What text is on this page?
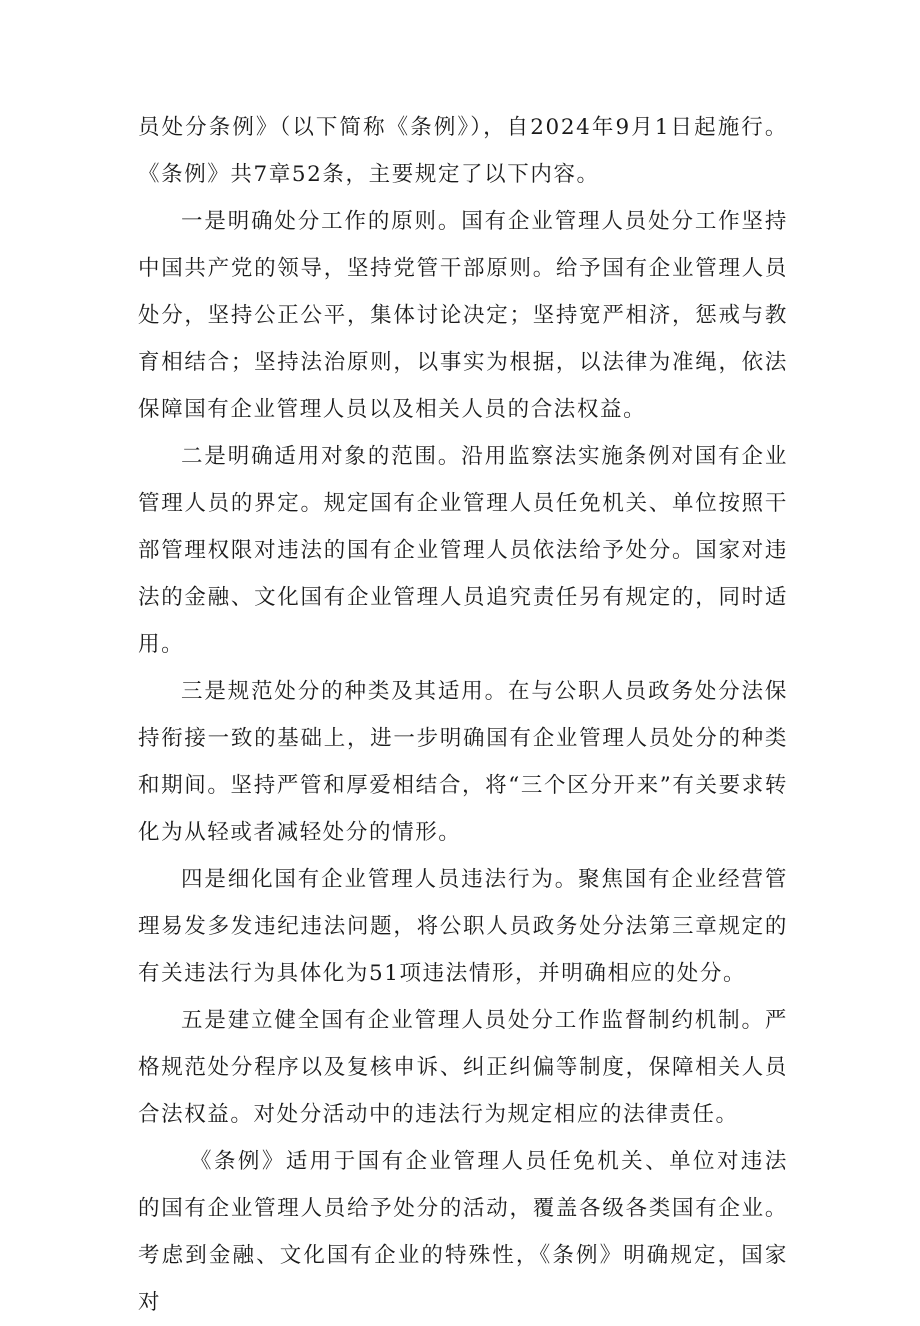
员处分条例》（以下简称《条例》），自2024年9月1日起施行。《条例》共7章52条，主要规定了以下内容。

一是明确处分工作的原则。国有企业管理人员处分工作坚持中国共产党的领导，坚持党管干部原则。给予国有企业管理人员处分，坚持公正公平，集体讨论决定；坚持宽严相济，惩戒与教育相结合；坚持法治原则，以事实为根据，以法律为准绳，依法保障国有企业管理人员以及相关人员的合法权益。

二是明确适用对象的范围。沿用监察法实施条例对国有企业管理人员的界定。规定国有企业管理人员任免机关、单位按照干部管理权限对违法的国有企业管理人员依法给予处分。国家对违法的金融、文化国有企业管理人员追究责任另有规定的，同时适用。

三是规范处分的种类及其适用。在与公职人员政务处分法保持衔接一致的基础上，进一步明确国有企业管理人员处分的种类和期间。坚持严管和厚爱相结合，将“三个区分开来”有关要求转化为从轻或者减轻处分的情形。

四是细化国有企业管理人员违法行为。聚焦国有企业经营管理易发多发违纪违法问题，将公职人员政务处分法第三章规定的有关违法行为具体化为51项违法情形，并明确相应的处分。

五是建立健全国有企业管理人员处分工作监督制约机制。严格规范处分程序以及复核申诉、纠正纠偏等制度，保障相关人员合法权益。对处分活动中的违法行为规定相应的法律责任。

《条例》适用于国有企业管理人员任免机关、单位对违法的国有企业管理人员给予处分的活动，覆盖各级各类国有企业。考虑到金融、文化国有企业的特殊性，《条例》明确规定，国家对
